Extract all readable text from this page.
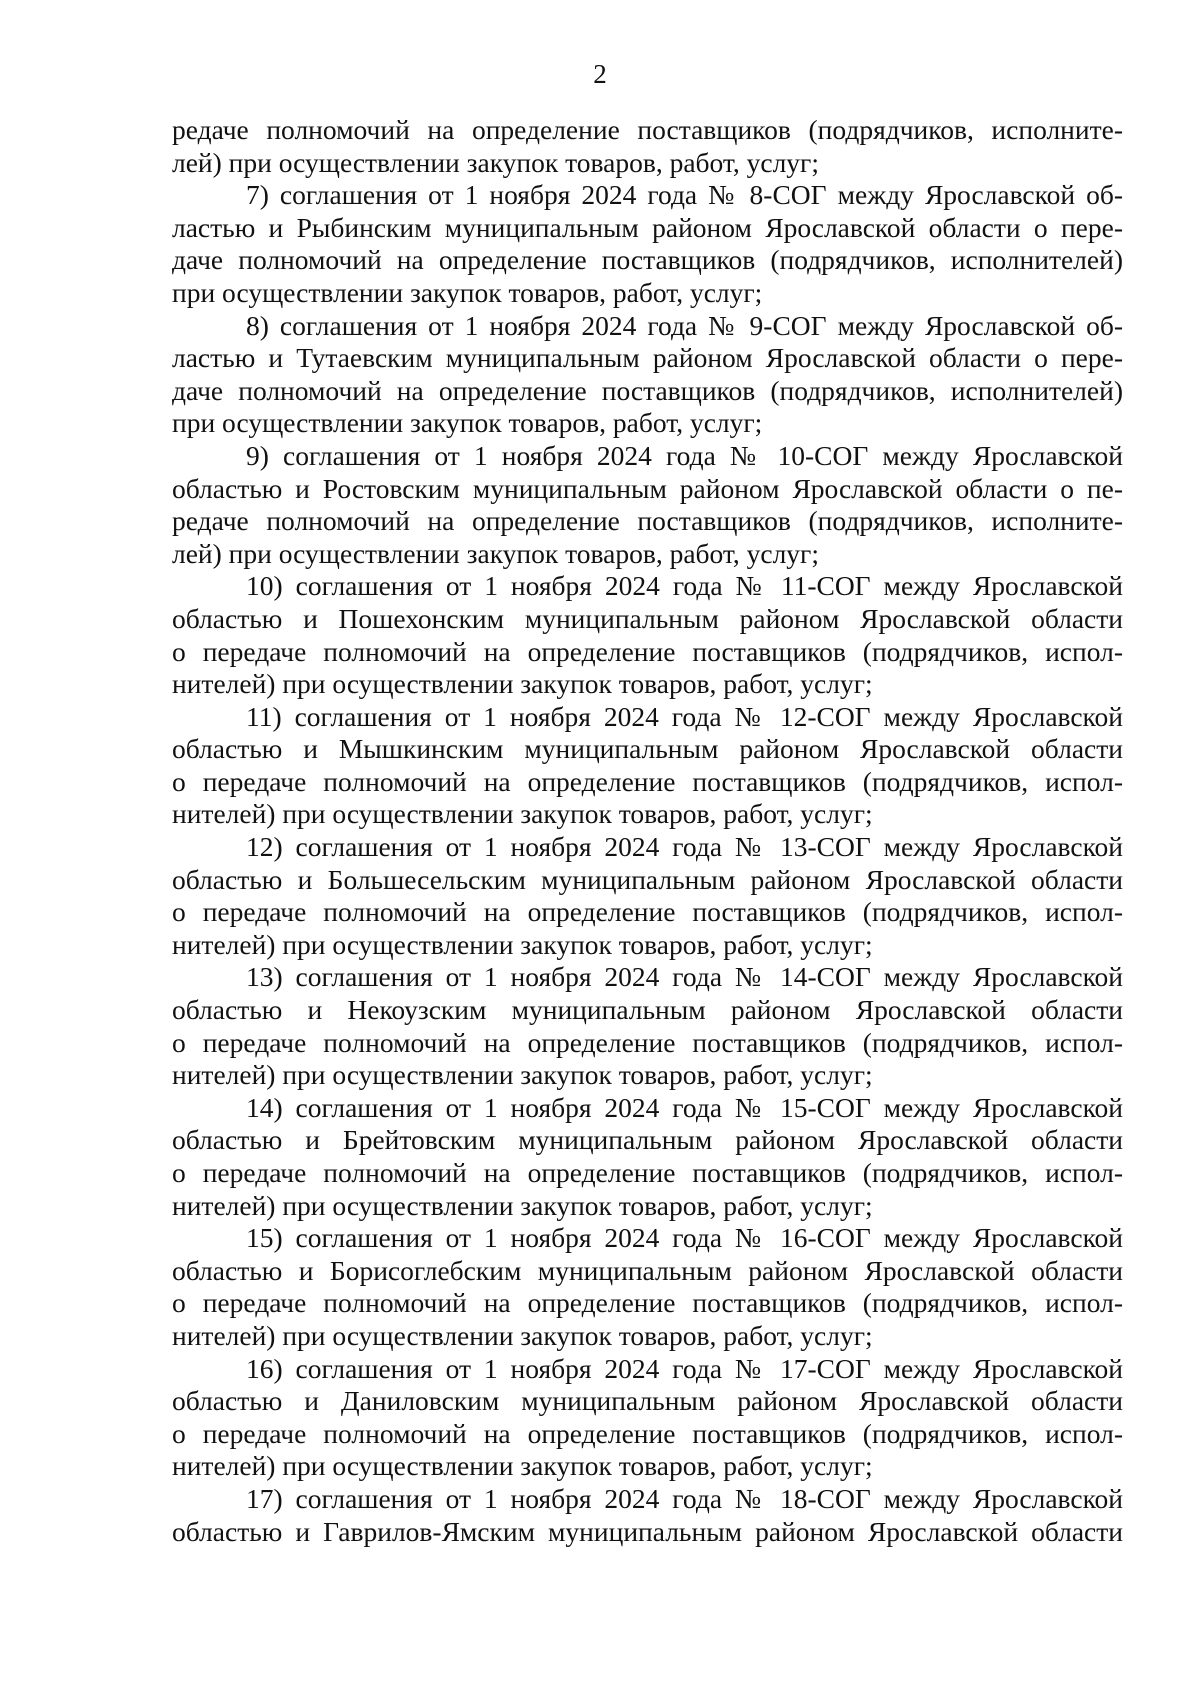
2
редаче полномочий на определение поставщиков (подрядчиков, исполните-
лей) при осуществлении закупок товаров, работ, услуг;
7) соглашения от 1 ноября 2024 года № 8-СОГ между Ярославской об-
ластью и Рыбинским муниципальным районом Ярославской области о пере-
даче полномочий на определение поставщиков (подрядчиков, исполнителей)
при осуществлении закупок товаров, работ, услуг;
8) соглашения от 1 ноября 2024 года № 9-СОГ между Ярославской об-
ластью и Тутаевским муниципальным районом Ярославской области о пере-
даче полномочий на определение поставщиков (подрядчиков, исполнителей)
при осуществлении закупок товаров, работ, услуг;
9) соглашения от 1 ноября 2024 года № 10-СОГ между Ярославской
областью и Ростовским муниципальным районом Ярославской области о пе-
редаче полномочий на определение поставщиков (подрядчиков, исполните-
лей) при осуществлении закупок товаров, работ, услуг;
10) соглашения от 1 ноября 2024 года № 11-СОГ между Ярославской
областью и Пошехонским муниципальным районом Ярославской области
о передаче полномочий на определение поставщиков (подрядчиков, испол-
нителей) при осуществлении закупок товаров, работ, услуг;
11) соглашения от 1 ноября 2024 года № 12-СОГ между Ярославской
областью и Мышкинским муниципальным районом Ярославской области
о передаче полномочий на определение поставщиков (подрядчиков, испол-
нителей) при осуществлении закупок товаров, работ, услуг;
12) соглашения от 1 ноября 2024 года № 13-СОГ между Ярославской
областью и Большесельским муниципальным районом Ярославской области
о передаче полномочий на определение поставщиков (подрядчиков, испол-
нителей) при осуществлении закупок товаров, работ, услуг;
13) соглашения от 1 ноября 2024 года № 14-СОГ между Ярославской
областью и Некоузским муниципальным районом Ярославской области
о передаче полномочий на определение поставщиков (подрядчиков, испол-
нителей) при осуществлении закупок товаров, работ, услуг;
14) соглашения от 1 ноября 2024 года № 15-СОГ между Ярославской
областью и Брейтовским муниципальным районом Ярославской области
о передаче полномочий на определение поставщиков (подрядчиков, испол-
нителей) при осуществлении закупок товаров, работ, услуг;
15) соглашения от 1 ноября 2024 года № 16-СОГ между Ярославской
областью и Борисоглебским муниципальным районом Ярославской области
о передаче полномочий на определение поставщиков (подрядчиков, испол-
нителей) при осуществлении закупок товаров, работ, услуг;
16) соглашения от 1 ноября 2024 года № 17-СОГ между Ярославской
областью и Даниловским муниципальным районом Ярославской области
о передаче полномочий на определение поставщиков (подрядчиков, испол-
нителей) при осуществлении закупок товаров, работ, услуг;
17) соглашения от 1 ноября 2024 года № 18-СОГ между Ярославской
областью и Гаврилов-Ямским муниципальным районом Ярославской области
